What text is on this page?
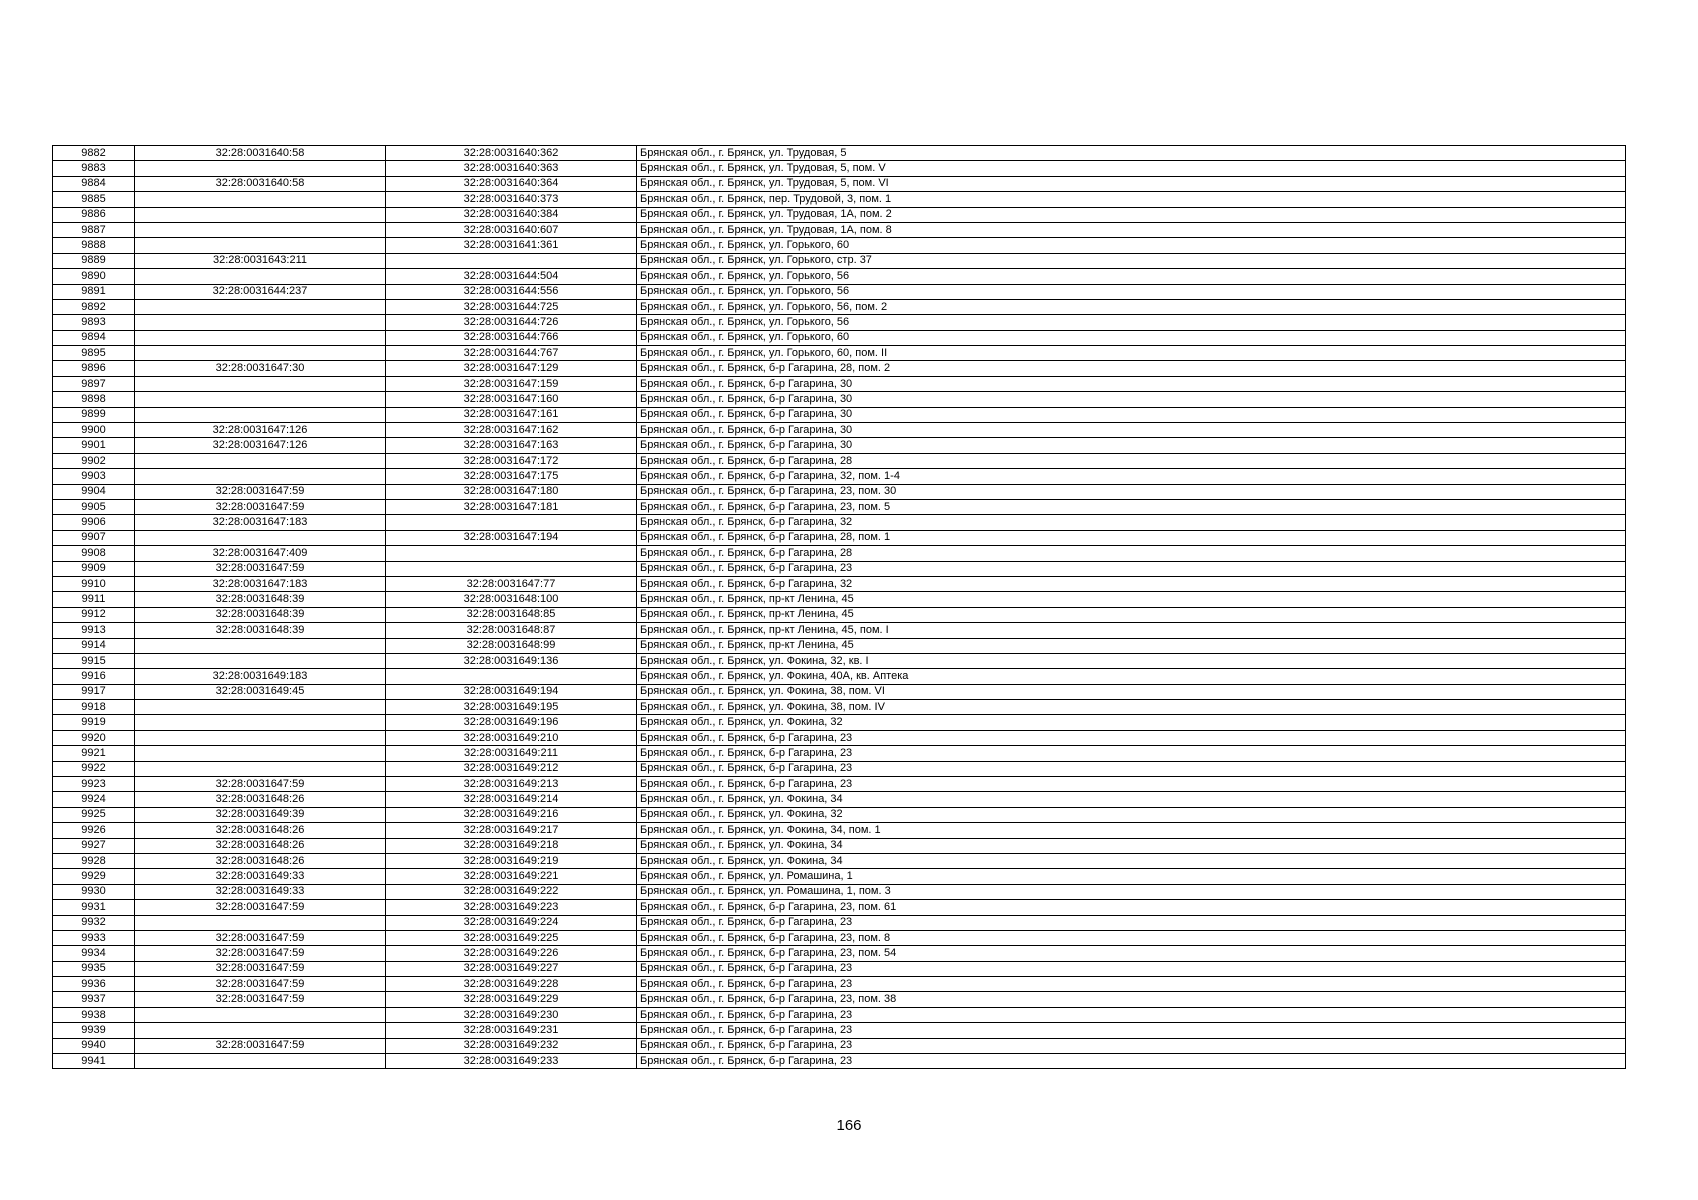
9882	32:28:0031640:58	32:28:0031640:362	Брянская обл., г. Брянск, ул. Трудовая, 5
9883		32:28:0031640:363	Брянская обл., г. Брянск, ул. Трудовая, 5, пом. V
9884	32:28:0031640:58	32:28:0031640:364	Брянская обл., г. Брянск, ул. Трудовая, 5, пом. VI
9885		32:28:0031640:373	Брянская обл., г. Брянск, пер. Трудовой, 3, пом. 1
9886		32:28:0031640:384	Брянская обл., г. Брянск, ул. Трудовая, 1А, пом. 2
9887		32:28:0031640:607	Брянская обл., г. Брянск, ул. Трудовая, 1А, пом. 8
9888		32:28:0031641:361	Брянская обл., г. Брянск, ул. Горького, 60
9889	32:28:0031643:211		Брянская обл., г. Брянск, ул. Горького, стр. 37
9890		32:28:0031644:504	Брянская обл., г. Брянск, ул. Горького, 56
9891	32:28:0031644:237	32:28:0031644:556	Брянская обл., г. Брянск, ул. Горького, 56
9892		32:28:0031644:725	Брянская обл., г. Брянск, ул. Горького, 56, пом. 2
9893		32:28:0031644:726	Брянская обл., г. Брянск, ул. Горького, 56
9894		32:28:0031644:766	Брянская обл., г. Брянск, ул. Горького, 60
9895		32:28:0031644:767	Брянская обл., г. Брянск, ул. Горького, 60, пом. II
9896	32:28:0031647:30	32:28:0031647:129	Брянская обл., г. Брянск, б-р Гагарина, 28, пом. 2
9897		32:28:0031647:159	Брянская обл., г. Брянск, б-р Гагарина, 30
9898		32:28:0031647:160	Брянская обл., г. Брянск, б-р Гагарина, 30
9899		32:28:0031647:161	Брянская обл., г. Брянск, б-р Гагарина, 30
9900	32:28:0031647:126	32:28:0031647:162	Брянская обл., г. Брянск, б-р Гагарина, 30
9901	32:28:0031647:126	32:28:0031647:163	Брянская обл., г. Брянск, б-р Гагарина, 30
9902		32:28:0031647:172	Брянская обл., г. Брянск, б-р Гагарина, 28
9903		32:28:0031647:175	Брянская обл., г. Брянск, б-р Гагарина, 32, пом. 1-4
9904	32:28:0031647:59	32:28:0031647:180	Брянская обл., г. Брянск, б-р Гагарина, 23, пом. 30
9905	32:28:0031647:59	32:28:0031647:181	Брянская обл., г. Брянск, б-р Гагарина, 23, пом. 5
9906	32:28:0031647:183		Брянская обл., г. Брянск, б-р Гагарина, 32
9907		32:28:0031647:194	Брянская обл., г. Брянск, б-р Гагарина, 28, пом. 1
9908	32:28:0031647:409		Брянская обл., г. Брянск, б-р Гагарина, 28
9909	32:28:0031647:59		Брянская обл., г. Брянск, б-р Гагарина, 23
9910	32:28:0031647:183	32:28:0031647:77	Брянская обл., г. Брянск, б-р Гагарина, 32
9911	32:28:0031648:39	32:28:0031648:100	Брянская обл., г. Брянск, пр-кт Ленина, 45
9912	32:28:0031648:39	32:28:0031648:85	Брянская обл., г. Брянск, пр-кт Ленина, 45
9913	32:28:0031648:39	32:28:0031648:87	Брянская обл., г. Брянск, пр-кт Ленина, 45, пом. I
9914		32:28:0031648:99	Брянская обл., г. Брянск, пр-кт Ленина, 45
9915		32:28:0031649:136	Брянская обл., г. Брянск, ул. Фокина, 32, кв. I
9916	32:28:0031649:183		Брянская обл., г. Брянск, ул. Фокина, 40А, кв. Аптека
9917	32:28:0031649:45	32:28:0031649:194	Брянская обл., г. Брянск, ул. Фокина, 38, пом. VI
9918		32:28:0031649:195	Брянская обл., г. Брянск, ул. Фокина, 38, пом. IV
9919		32:28:0031649:196	Брянская обл., г. Брянск, ул. Фокина, 32
9920		32:28:0031649:210	Брянская обл., г. Брянск, б-р Гагарина, 23
9921		32:28:0031649:211	Брянская обл., г. Брянск, б-р Гагарина, 23
9922		32:28:0031649:212	Брянская обл., г. Брянск, б-р Гагарина, 23
9923	32:28:0031647:59	32:28:0031649:213	Брянская обл., г. Брянск, б-р Гагарина, 23
9924	32:28:0031648:26	32:28:0031649:214	Брянская обл., г. Брянск, ул. Фокина, 34
9925	32:28:0031649:39	32:28:0031649:216	Брянская обл., г. Брянск, ул. Фокина, 32
9926	32:28:0031648:26	32:28:0031649:217	Брянская обл., г. Брянск, ул. Фокина, 34, пом. 1
9927	32:28:0031648:26	32:28:0031649:218	Брянская обл., г. Брянск, ул. Фокина, 34
9928	32:28:0031648:26	32:28:0031649:219	Брянская обл., г. Брянск, ул. Фокина, 34
9929	32:28:0031649:33	32:28:0031649:221	Брянская обл., г. Брянск, ул. Ромашина, 1
9930	32:28:0031649:33	32:28:0031649:222	Брянская обл., г. Брянск, ул. Ромашина, 1, пом. 3
9931	32:28:0031647:59	32:28:0031649:223	Брянская обл., г. Брянск, б-р Гагарина, 23, пом. 61
9932		32:28:0031649:224	Брянская обл., г. Брянск, б-р Гагарина, 23
9933	32:28:0031647:59	32:28:0031649:225	Брянская обл., г. Брянск, б-р Гагарина, 23, пом. 8
9934	32:28:0031647:59	32:28:0031649:226	Брянская обл., г. Брянск, б-р Гагарина, 23, пом. 54
9935	32:28:0031647:59	32:28:0031649:227	Брянская обл., г. Брянск, б-р Гагарина, 23
9936	32:28:0031647:59	32:28:0031649:228	Брянская обл., г. Брянск, б-р Гагарина, 23
9937	32:28:0031647:59	32:28:0031649:229	Брянская обл., г. Брянск, б-р Гагарина, 23, пом. 38
9938		32:28:0031649:230	Брянская обл., г. Брянск, б-р Гагарина, 23
9939		32:28:0031649:231	Брянская обл., г. Брянск, б-р Гагарина, 23
9940	32:28:0031647:59	32:28:0031649:232	Брянская обл., г. Брянск, б-р Гагарина, 23
9941		32:28:0031649:233	Брянская обл., г. Брянск, б-р Гагарина, 23
166
